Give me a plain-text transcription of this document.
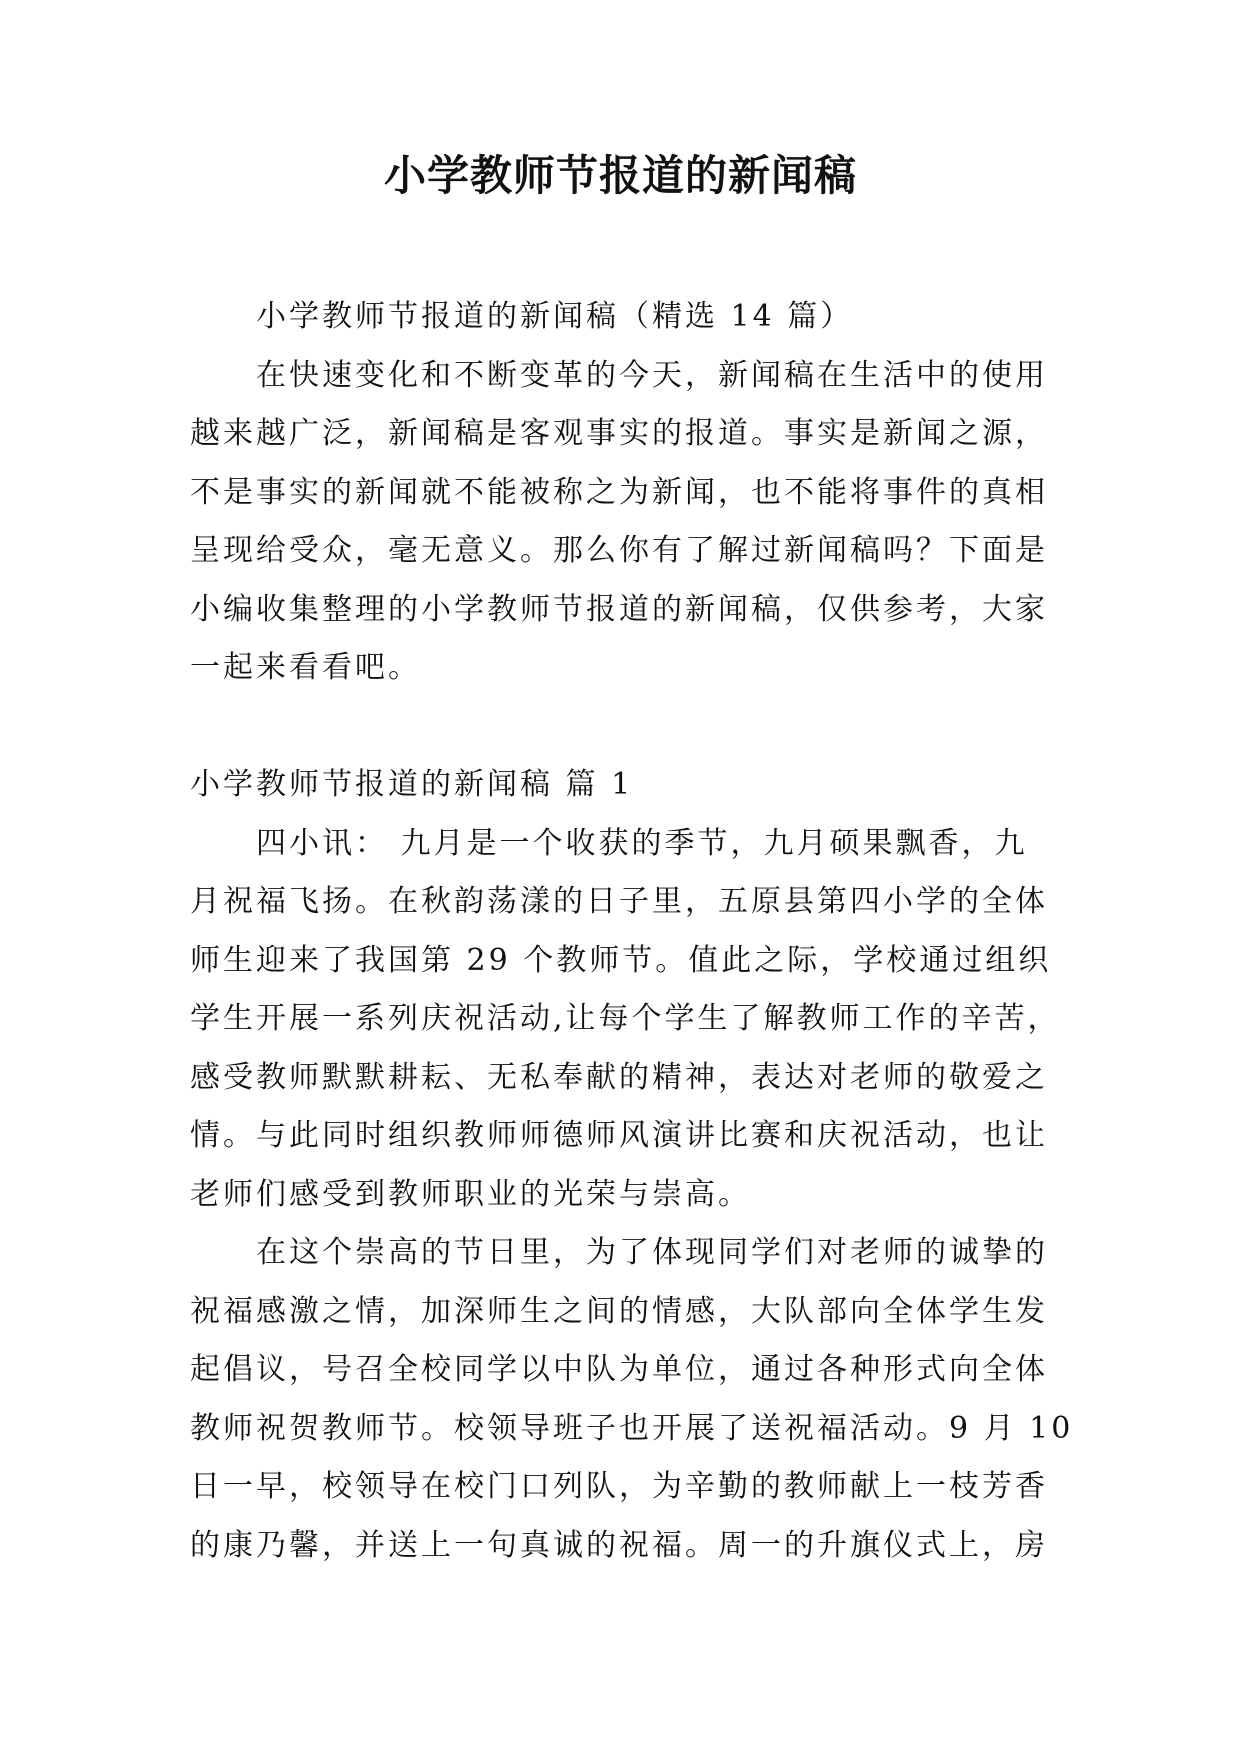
小学教师节报道的新闻稿
小学教师节报道的新闻稿（精选 14 篇）
在快速变化和不断变革的今天，新闻稿在生活中的使用
越来越广泛，新闻稿是客观事实的报道。事实是新闻之源，
不是事实的新闻就不能被称之为新闻，也不能将事件的真相
呈现给受众，毫无意义。那么你有了解过新闻稿吗？下面是
小编收集整理的小学教师节报道的新闻稿，仅供参考，大家
一起来看看吧。
小学教师节报道的新闻稿 篇 1
四小讯： 九月是一个收获的季节，九月硕果飘香，九
月祝福飞扬。在秋韵荡漾的日子里，五原县第四小学的全体
师生迎来了我国第 29 个教师节。值此之际，学校通过组织
学生开展一系列庆祝活动,让每个学生了解教师工作的辛苦，
感受教师默默耕耘、无私奉献的精神，表达对老师的敬爱之
情。与此同时组织教师师德师风演讲比赛和庆祝活动，也让
老师们感受到教师职业的光荣与崇高。
在这个崇高的节日里，为了体现同学们对老师的诚挚的
祝福感激之情，加深师生之间的情感，大队部向全体学生发
起倡议，号召全校同学以中队为单位，通过各种形式向全体
教师祝贺教师节。校领导班子也开展了送祝福活动。9 月 10
日一早，校领导在校门口列队，为辛勤的教师献上一枝芳香
的康乃馨，并送上一句真诚的祝福。周一的升旗仪式上，房
